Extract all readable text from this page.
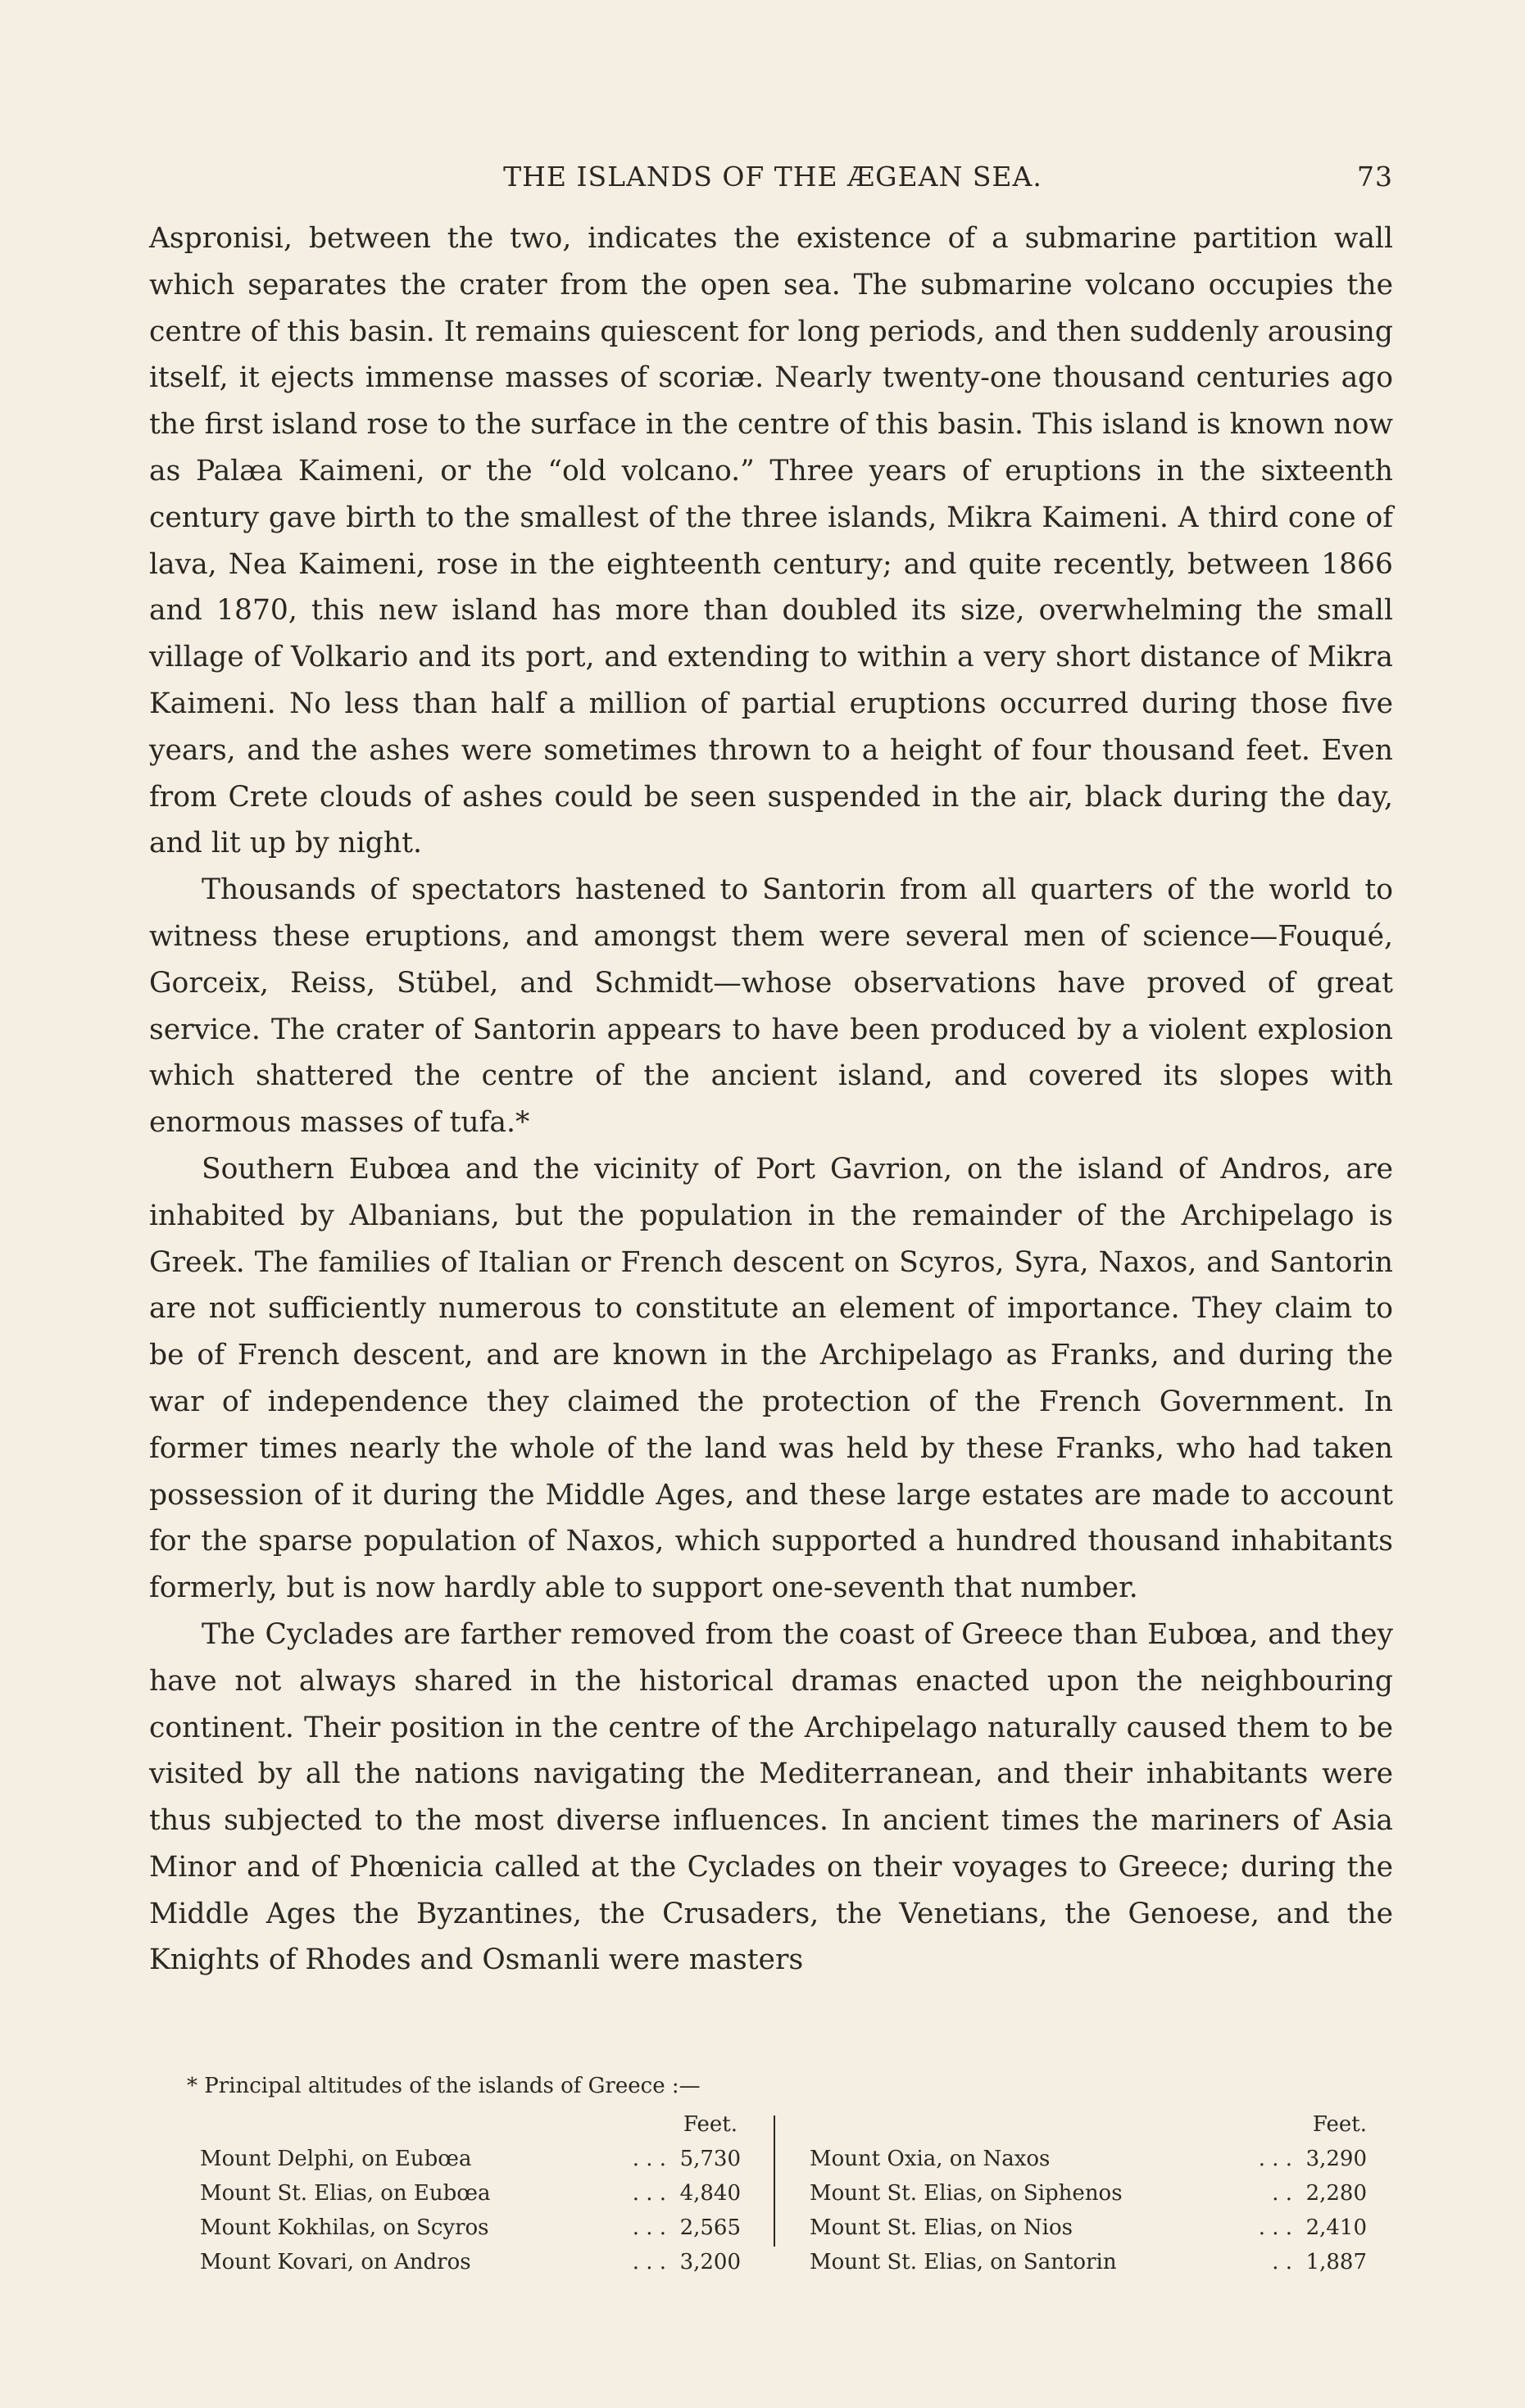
THE ISLANDS OF THE ÆGEAN SEA.	73

Aspronisi, between the two, indicates the existence of a submarine partition wall which separates the crater from the open sea. The submarine volcano occupies the centre of this basin. It remains quiescent for long periods, and then suddenly arousing itself, it ejects immense masses of scoriæ. Nearly twenty-one thousand centuries ago the first island rose to the surface in the centre of this basin. This island is known now as Palæa Kaimeni, or the “old volcano.” Three years of eruptions in the sixteenth century gave birth to the smallest of the three islands, Mikra Kaimeni. A third cone of lava, Nea Kaimeni, rose in the eighteenth century; and quite recently, between 1866 and 1870, this new island has more than doubled its size, overwhelming the small village of Volkario and its port, and extending to within a very short distance of Mikra Kaimeni. No less than half a million of partial eruptions occurred during those five years, and the ashes were sometimes thrown to a height of four thousand feet. Even from Crete clouds of ashes could be seen suspended in the air, black during the day, and lit up by night.

Thousands of spectators hastened to Santorin from all quarters of the world to witness these eruptions, and amongst them were several men of science—Fouqué, Gorceix, Reiss, Stübel, and Schmidt—whose observations have proved of great service. The crater of Santorin appears to have been produced by a violent explosion which shattered the centre of the ancient island, and covered its slopes with enormous masses of tufa.*

Southern Eubœa and the vicinity of Port Gavrion, on the island of Andros, are inhabited by Albanians, but the population in the remainder of the Archipelago is Greek. The families of Italian or French descent on Scyros, Syra, Naxos, and Santorin are not sufficiently numerous to constitute an element of importance. They claim to be of French descent, and are known in the Archipelago as Franks, and during the war of independence they claimed the protection of the French Government. In former times nearly the whole of the land was held by these Franks, who had taken possession of it during the Middle Ages, and these large estates are made to account for the sparse population of Naxos, which supported a hundred thousand inhabitants formerly, but is now hardly able to support one-seventh that number.

The Cyclades are farther removed from the coast of Greece than Eubœa, and they have not always shared in the historical dramas enacted upon the neighbouring continent. Their position in the centre of the Archipelago naturally caused them to be visited by all the nations navigating the Mediterranean, and their inhabitants were thus subjected to the most diverse influences. In ancient times the mariners of Asia Minor and of Phœnicia called at the Cyclades on their voyages to Greece; during the Middle Ages the Byzantines, the Crusaders, the Venetians, the Genoese, and the Knights of Rhodes and Osmanli were masters

* Principal altitudes of the islands of Greece :—
Feet.
Mount Delphi, on Eubœa	. . . 5,730
Mount St. Elias, on Eubœa	. . . 4,840
Mount Kokhilas, on Scyros	. . . 2,565
Mount Kovari, on Andros	. . . 3,200
Feet.
Mount Oxia, on Naxos	. . . 3,290
Mount St. Elias, on Siphenos	. . 2,280
Mount St. Elias, on Nios	. . . 2,410
Mount St. Elias, on Santorin	. . 1,887
